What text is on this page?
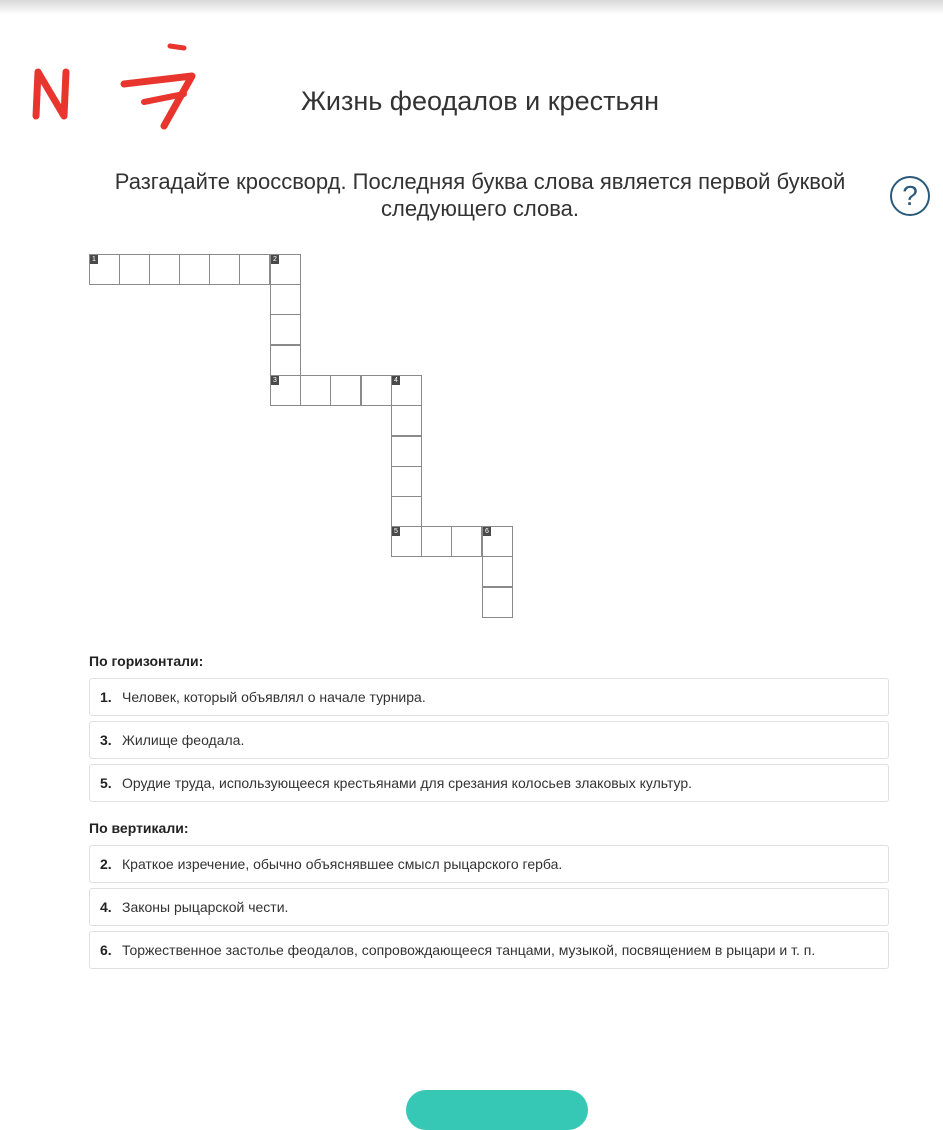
Жизнь феодалов и крестьян
Разгадайте кроссворд. Последняя буква слова является первой буквой следующего слова.	?
1	2
3	4
5	6
По горизонтали:
1. Человек, который объявлял о начале турнира.
3. Жилище феодала.
5. Орудие труда, использующееся крестьянами для срезания колосьев злаковых культур.
По вертикали:
2. Краткое изречение, обычно объяснявшее смысл рыцарского герба.
4. Законы рыцарской чести.
6. Торжественное застолье феодалов, сопровождающееся танцами, музыкой, посвящением в рыцари и т. п.
